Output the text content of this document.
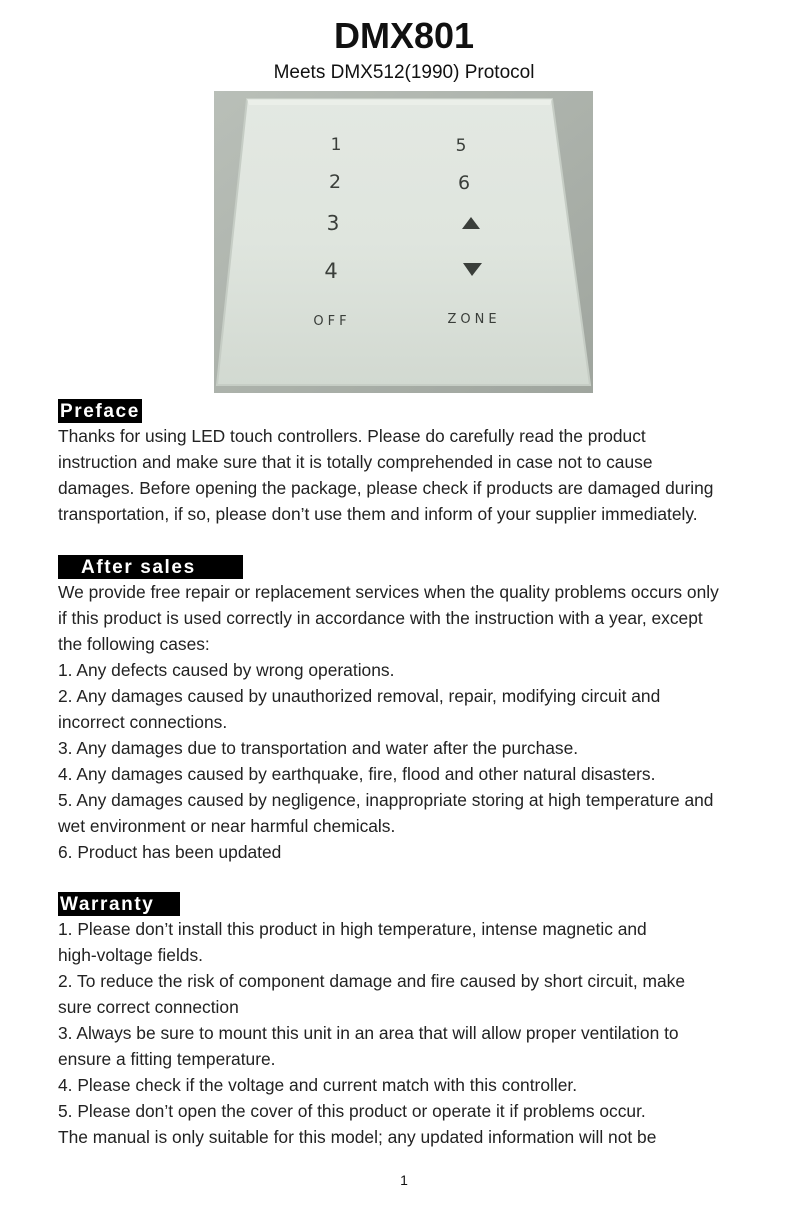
DMX801
Meets DMX512(1990) Protocol
1
2
3
4
5
6
OFF	ZONE
Preface

Thanks for using LED touch controllers. Please do carefully read the product

instruction and make sure that it is totally comprehended in case not to cause

damages. Before opening the package, please check if products are damaged during

transportation, if so, please don’t use them and inform of your supplier immediately.

After sales

We provide free repair or replacement services when the quality problems occurs only

if this product is used correctly in accordance with the instruction with a year, except

the following cases:

1. Any defects caused by wrong operations.

2. Any damages caused by unauthorized removal, repair, modifying circuit and

incorrect connections.

3. Any damages due to transportation and water after the purchase.

4. Any damages caused by earthquake, fire, flood and other natural disasters.

5. Any damages caused by negligence, inappropriate storing at high temperature and

wet environment or near harmful chemicals.

6. Product has been updated

Warranty

1. Please don’t install this product in high temperature, intense magnetic and

high-voltage fields.

2. To reduce the risk of component damage and fire caused by short circuit, make

sure correct connection

3. Always be sure to mount this unit in an area that will allow proper ventilation to

ensure a fitting temperature.

4. Please check if the voltage and current match with this controller.

5. Please don’t open the cover of this product or operate it if problems occur.

The manual is only suitable for this model; any updated information will not be

1
